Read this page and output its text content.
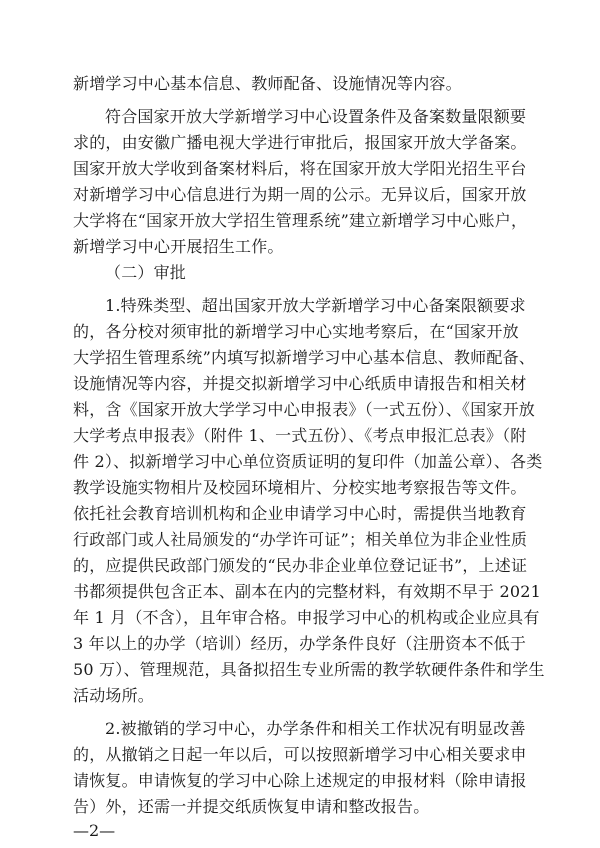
新增学习中心基本信息、教师配备、设施情况等内容。
符合国家开放大学新增学习中心设置条件及备案数量限额要
求的，由安徽广播电视大学进行审批后，报国家开放大学备案。
国家开放大学收到备案材料后，将在国家开放大学阳光招生平台
对新增学习中心信息进行为期一周的公示。无异议后，国家开放
大学将在“国家开放大学招生管理系统”建立新增学习中心账户，
新增学习中心开展招生工作。
（二）审批
1.特殊类型、超出国家开放大学新增学习中心备案限额要求
的，各分校对须审批的新增学习中心实地考察后，在“国家开放
大学招生管理系统”内填写拟新增学习中心基本信息、教师配备、
设施情况等内容，并提交拟新增学习中心纸质申请报告和相关材
料，含《国家开放大学学习中心申报表》（一式五份）、《国家开放
大学考点申报表》（附件 1、一式五份）、《考点申报汇总表》（附
件 2）、拟新增学习中心单位资质证明的复印件（加盖公章）、各类
教学设施实物相片及校园环境相片、分校实地考察报告等文件。
依托社会教育培训机构和企业申请学习中心时，需提供当地教育
行政部门或人社局颁发的“办学许可证”；相关单位为非企业性质
的，应提供民政部门颁发的“民办非企业单位登记证书”，上述证
书都须提供包含正本、副本在内的完整材料，有效期不早于 2021
年 1 月（不含），且年审合格。申报学习中心的机构或企业应具有
3 年以上的办学（培训）经历，办学条件良好（注册资本不低于
50 万）、管理规范，具备拟招生专业所需的教学软硬件条件和学生
活动场所。
2.被撤销的学习中心，办学条件和相关工作状况有明显改善
的，从撤销之日起一年以后，可以按照新增学习中心相关要求申
请恢复。申请恢复的学习中心除上述规定的申报材料（除申请报
告）外，还需一并提交纸质恢复申请和整改报告。
—2—
